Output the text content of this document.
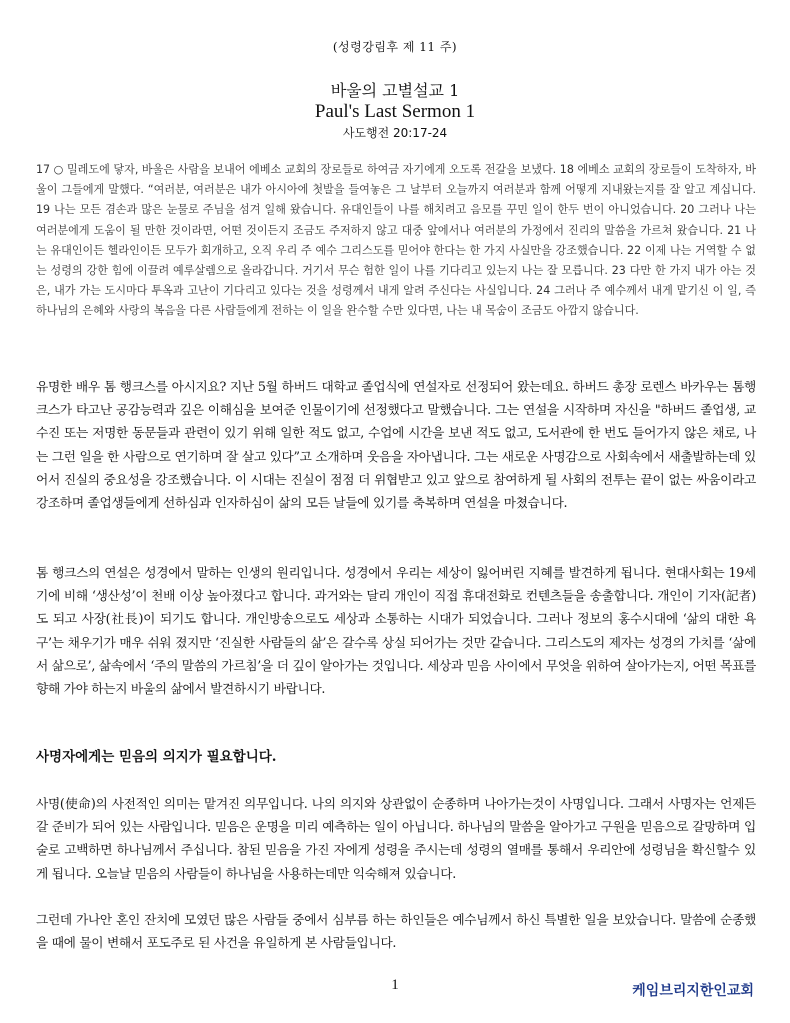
(성령강림후 제 11 주)
바울의 고별설교 1
Paul's Last Sermon 1
사도행전 20:17-24

17 ○ 밀레도에 닿자, 바울은 사람을 보내어 에베소 교회의 장로들로 하여금 자기에게 오도록 전갈을 보냈다. 18 에베소 교회의 장로들이 도착하자, 바울이 그들에게 말했다. “여러분, 여러분은 내가 아시아에 첫발을 들여놓은 그 날부터 오늘까지 여러분과 함께 어떻게 지내왔는지를 잘 알고 계십니다. 19 나는 모든 겸손과 많은 눈물로 주님을 섬겨 일해 왔습니다. 유대인들이 나를 해치려고 음모를 꾸민 일이 한두 번이 아니었습니다. 20 그러나 나는 여러분에게 도움이 될 만한 것이라면, 어떤 것이든지 조금도 주저하지 않고 대중 앞에서나 여러분의 가정에서 진리의 말씀을 가르쳐 왔습니다. 21 나는 유대인이든 헬라인이든 모두가 회개하고, 오직 우리 주 예수 그리스도를 믿어야 한다는 한 가지 사실만을 강조했습니다. 22 이제 나는 거역할 수 없는 성령의 강한 힘에 이끌려 예루살렘으로 올라갑니다. 거기서 무슨 험한 일이 나를 기다리고 있는지 나는 잘 모릅니다. 23 다만 한 가지 내가 아는 것은, 내가 가는 도시마다 투옥과 고난이 기다리고 있다는 것을 성령께서 내게 알려 주신다는 사실입니다. 24 그러나 주 예수께서 내게 맡기신 이 일, 즉 하나님의 은혜와 사랑의 복음을 다른 사람들에게 전하는 이 일을 완수할 수만 있다면, 나는 내 목숨이 조금도 아깝지 않습니다.

유명한 배우 톰 행크스를 아시지요? 지난 5월 하버드 대학교 졸업식에 연설자로 선정되어 왔는데요. 하버드 총장 로렌스 바카우는 톰행크스가 타고난 공감능력과 깊은 이해심을 보여준 인물이기에 선정했다고 말했습니다. 그는 연설을 시작하며 자신을 "하버드 졸업생, 교수진 또는 저명한 동문들과 관련이 있기 위해 일한 적도 없고, 수업에 시간을 보낸 적도 없고, 도서관에 한 번도 들어가지 않은 채로, 나는 그런 일을 한 사람으로 연기하며 잘 살고 있다”고 소개하며 웃음을 자아냅니다. 그는 새로운 사명감으로 사회속에서 새출발하는데 있어서 진실의 중요성을 강조했습니다. 이 시대는 진실이 점점 더 위협받고 있고 앞으로 참여하게 될 사회의 전투는 끝이 없는 싸움이라고 강조하며 졸업생들에게 선하심과 인자하심이 삶의 모든 날들에 있기를 축복하며 연설을 마쳤습니다.

톰 행크스의 연설은 성경에서 말하는 인생의 원리입니다. 성경에서 우리는 세상이 잃어버린 지혜를 발견하게 됩니다. 현대사회는 19세기에 비해 ‘생산성’이 천배 이상 높아졌다고 합니다. 과거와는 달리 개인이 직접 휴대전화로 컨텐츠들을 송출합니다. 개인이 기자(記者)도 되고 사장(社長)이 되기도 합니다. 개인방송으로도 세상과 소통하는 시대가 되었습니다. 그러나 정보의 홍수시대에 ‘삶의 대한 욕구’는 채우기가 매우 쉬워 졌지만 ‘진실한 사람들의 삶’은 갈수록 상실 되어가는 것만 같습니다. 그리스도의 제자는 성경의 가치를 ‘삶에서 삶으로’, 삶속에서 ‘주의 말씀의 가르침’을 더 깊이 알아가는 것입니다. 세상과 믿음 사이에서 무엇을 위하여 살아가는지, 어떤 목표를 향해 가야 하는지 바울의 삶에서 발견하시기 바랍니다.

사명자에게는 믿음의 의지가 필요합니다.

사명(使命)의 사전적인 의미는 맡겨진 의무입니다. 나의 의지와 상관없이 순종하며 나아가는것이 사명입니다. 그래서 사명자는 언제든 갈 준비가 되어 있는 사람입니다. 믿음은 운명을 미리 예측하는 일이 아닙니다. 하나님의 말씀을 알아가고 구원을 믿음으로 갈망하며 입술로 고백하면 하나님께서 주십니다. 참된 믿음을 가진 자에게 성령을 주시는데 성령의 열매를 통해서 우리안에 성령님을 확신할수 있게 됩니다. 오늘날 믿음의 사람들이 하나님을 사용하는데만 익숙해져 있습니다.

그런데 가나안 혼인 잔치에 모였던 많은 사람들 중에서 심부름 하는 하인들은 예수님께서 하신 특별한 일을 보았습니다. 말씀에 순종했을 때에 물이 변해서 포도주로 된 사건을 유일하게 본 사람들입니다.

1	케임브리지한인교회
